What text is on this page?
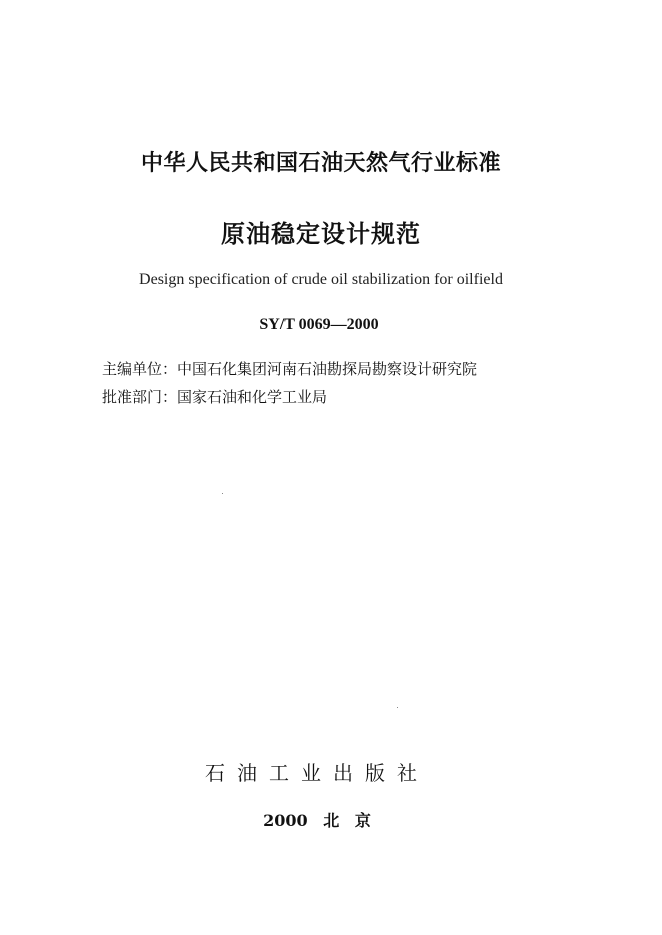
中华人民共和国石油天然气行业标准
原油稳定设计规范
Design specification of crude oil stabilization for oilfield
SY/T 0069—2000
主编单位：中国石化集团河南石油勘探局勘察设计研究院
批准部门：国家石油和化学工业局
石油工业出版社
2000 北 京
